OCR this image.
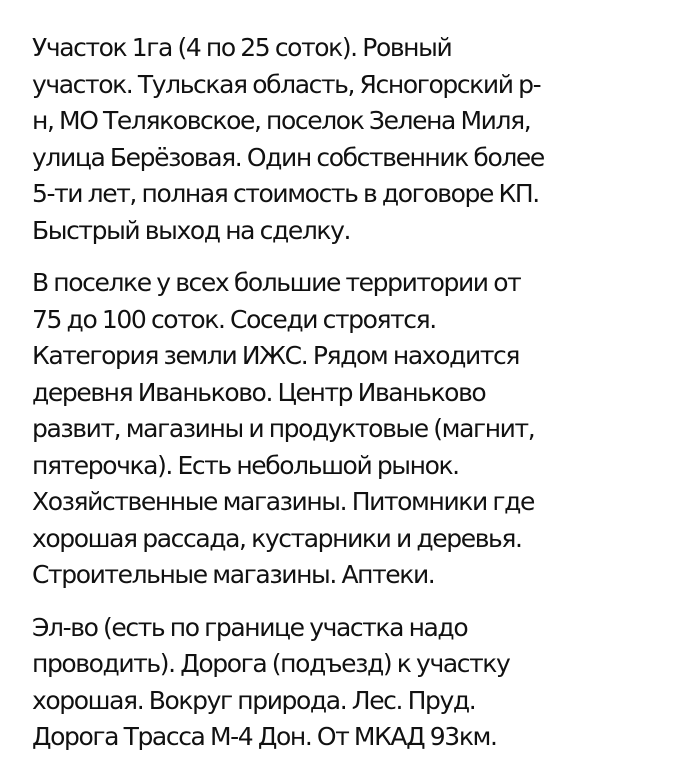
Участок 1га (4 по 25 соток). Ровный
участок. Тульская область, Ясногорский р-
н, МО Теляковское, поселок Зелена Миля,
улица Берёзовая. Один собственник более
5-ти лет, полная стоимость в договоре КП.
Быстрый выход на сделку.

В поселке у всех большие территории от
75 до 100 соток. Соседи строятся.
Категория земли ИЖС. Рядом находится
деревня Иваньково. Центр Иваньково
развит, магазины и продуктовые (магнит,
пятерочка). Есть небольшой рынок.
Хозяйственные магазины. Питомники где
хорошая рассада, кустарники и деревья.
Строительные магазины. Аптеки.

Эл-во (есть по границе участка надо
проводить). Дорога (подъезд) к участку
хорошая. Вокруг природа. Лес. Пруд.
Дорога Трасса М-4 Дон. От МКАД 93км.
